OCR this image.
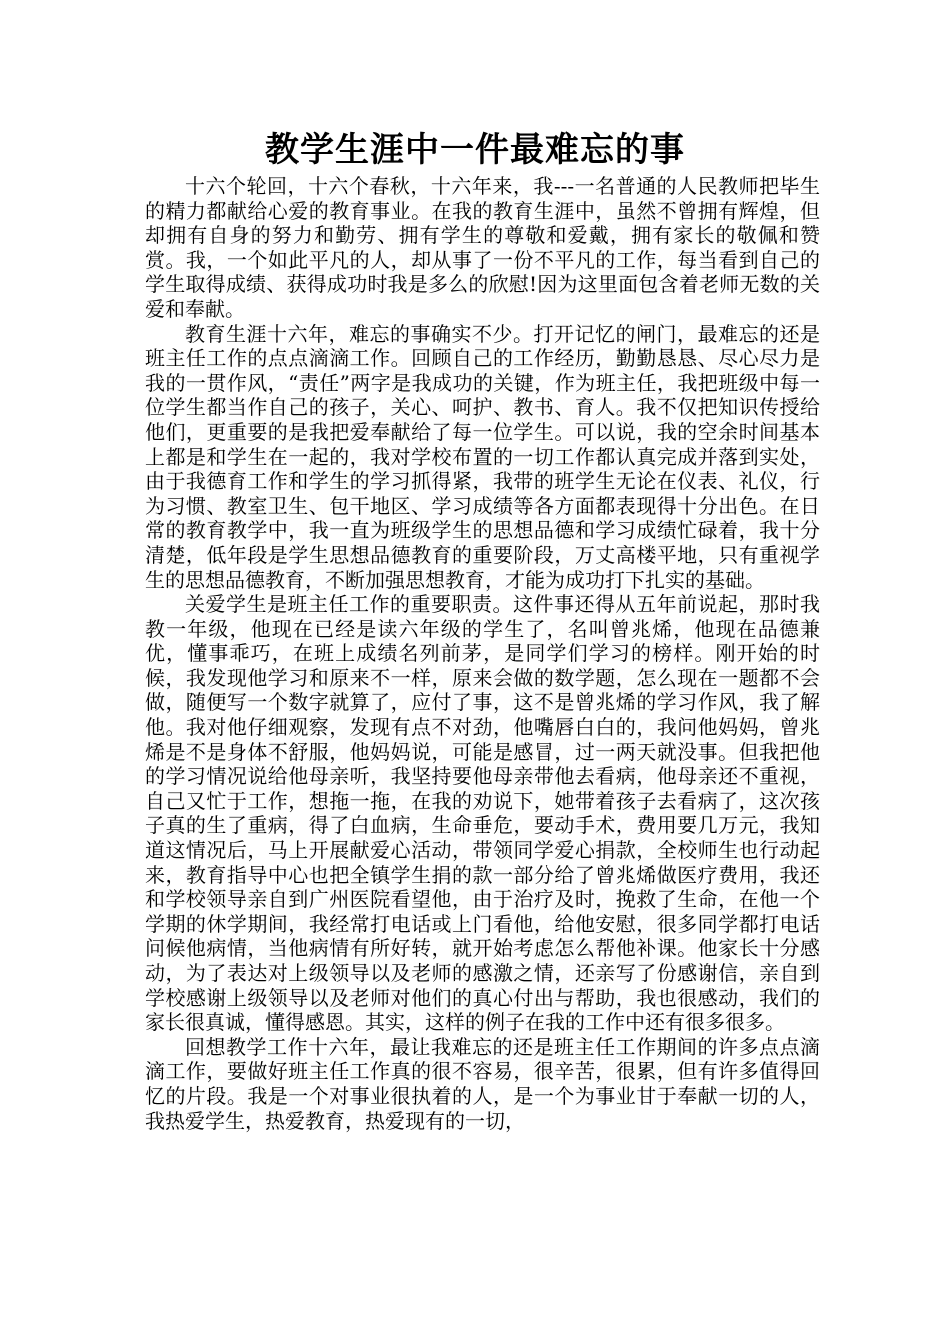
教学生涯中一件最难忘的事

十六个轮回，十六个春秋，十六年来，我---一名普通的人民教师把毕生的精力都献给心爱的教育事业。在我的教育生涯中，虽然不曾拥有辉煌，但却拥有自身的努力和勤劳、拥有学生的尊敬和爱戴，拥有家长的敬佩和赞赏。我，一个如此平凡的人，却从事了一份不平凡的工作，每当看到自己的学生取得成绩、获得成功时我是多么的欣慰!因为这里面包含着老师无数的关爱和奉献。

教育生涯十六年，难忘的事确实不少。打开记忆的闸门，最难忘的还是班主任工作的点点滴滴工作。回顾自己的工作经历，勤勤恳恳、尽心尽力是我的一贯作风，“责任”两字是我成功的关键，作为班主任，我把班级中每一位学生都当作自己的孩子，关心、呵护、教书、育人。我不仅把知识传授给他们，更重要的是我把爱奉献给了每一位学生。可以说，我的空余时间基本上都是和学生在一起的，我对学校布置的一切工作都认真完成并落到实处，由于我德育工作和学生的学习抓得紧，我带的班学生无论在仪表、礼仪，行为习惯、教室卫生、包干地区、学习成绩等各方面都表现得十分出色。在日常的教育教学中，我一直为班级学生的思想品德和学习成绩忙碌着，我十分清楚，低年段是学生思想品德教育的重要阶段，万丈高楼平地，只有重视学生的思想品德教育，不断加强思想教育，才能为成功打下扎实的基础。

关爱学生是班主任工作的重要职责。这件事还得从五年前说起，那时我教一年级，他现在已经是读六年级的学生了，名叫曾兆烯，他现在品德兼优，懂事乖巧，在班上成绩名列前茅，是同学们学习的榜样。刚开始的时候，我发现他学习和原来不一样，原来会做的数学题，怎么现在一题都不会做，随便写一个数字就算了，应付了事，这不是曾兆烯的学习作风，我了解他。我对他仔细观察，发现有点不对劲，他嘴唇白白的，我问他妈妈，曾兆烯是不是身体不舒服，他妈妈说，可能是感冒，过一两天就没事。但我把他的学习情况说给他母亲听，我坚持要他母亲带他去看病，他母亲还不重视，自己又忙于工作，想拖一拖，在我的劝说下，她带着孩子去看病了，这次孩子真的生了重病，得了白血病，生命垂危，要动手术，费用要几万元，我知道这情况后，马上开展献爱心活动，带领同学爱心捐款，全校师生也行动起来，教育指导中心也把全镇学生捐的款一部分给了曾兆烯做医疗费用，我还和学校领导亲自到广州医院看望他，由于治疗及时，挽救了生命，在他一个学期的休学期间，我经常打电话或上门看他，给他安慰，很多同学都打电话问候他病情，当他病情有所好转，就开始考虑怎么帮他补课。他家长十分感动，为了表达对上级领导以及老师的感激之情，还亲写了份感谢信，亲自到学校感谢上级领导以及老师对他们的真心付出与帮助，我也很感动，我们的家长很真诚，懂得感恩。其实，这样的例子在我的工作中还有很多很多。

回想教学工作十六年，最让我难忘的还是班主任工作期间的许多点点滴滴工作，要做好班主任工作真的很不容易，很辛苦，很累，但有许多值得回忆的片段。我是一个对事业很执着的人，是一个为事业甘于奉献一切的人，我热爱学生，热爱教育，热爱现有的一切，
